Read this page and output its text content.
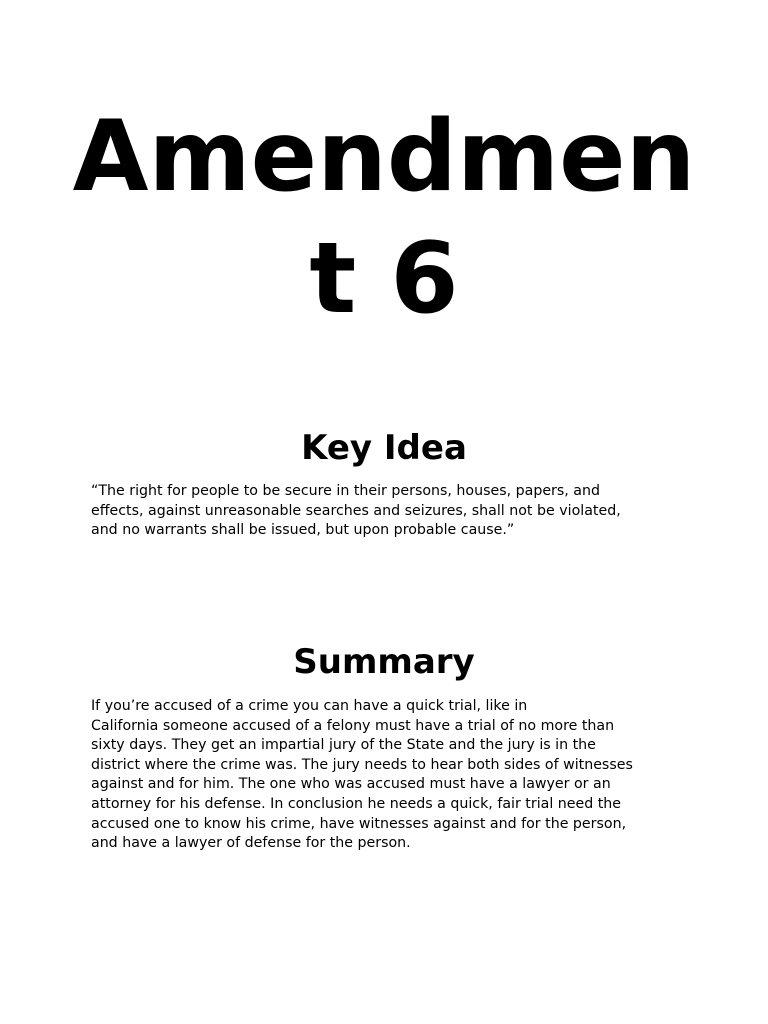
Amendmen
t 6
Key Idea

“The right for people to be secure in their persons, houses, papers, and
effects, against unreasonable searches and seizures, shall not be violated,
and no warrants shall be issued, but upon probable cause.”

Summary

If you’re accused of a crime you can have a quick trial, like in
California someone accused of a felony must have a trial of no more than
sixty days. They get an impartial jury of the State and the jury is in the
district where the crime was. The jury needs to hear both sides of witnesses
against and for him. The one who was accused must have a lawyer or an
attorney for his defense. In conclusion he needs a quick, fair trial need the
accused one to know his crime, have witnesses against and for the person,
and have a lawyer of defense for the person.
